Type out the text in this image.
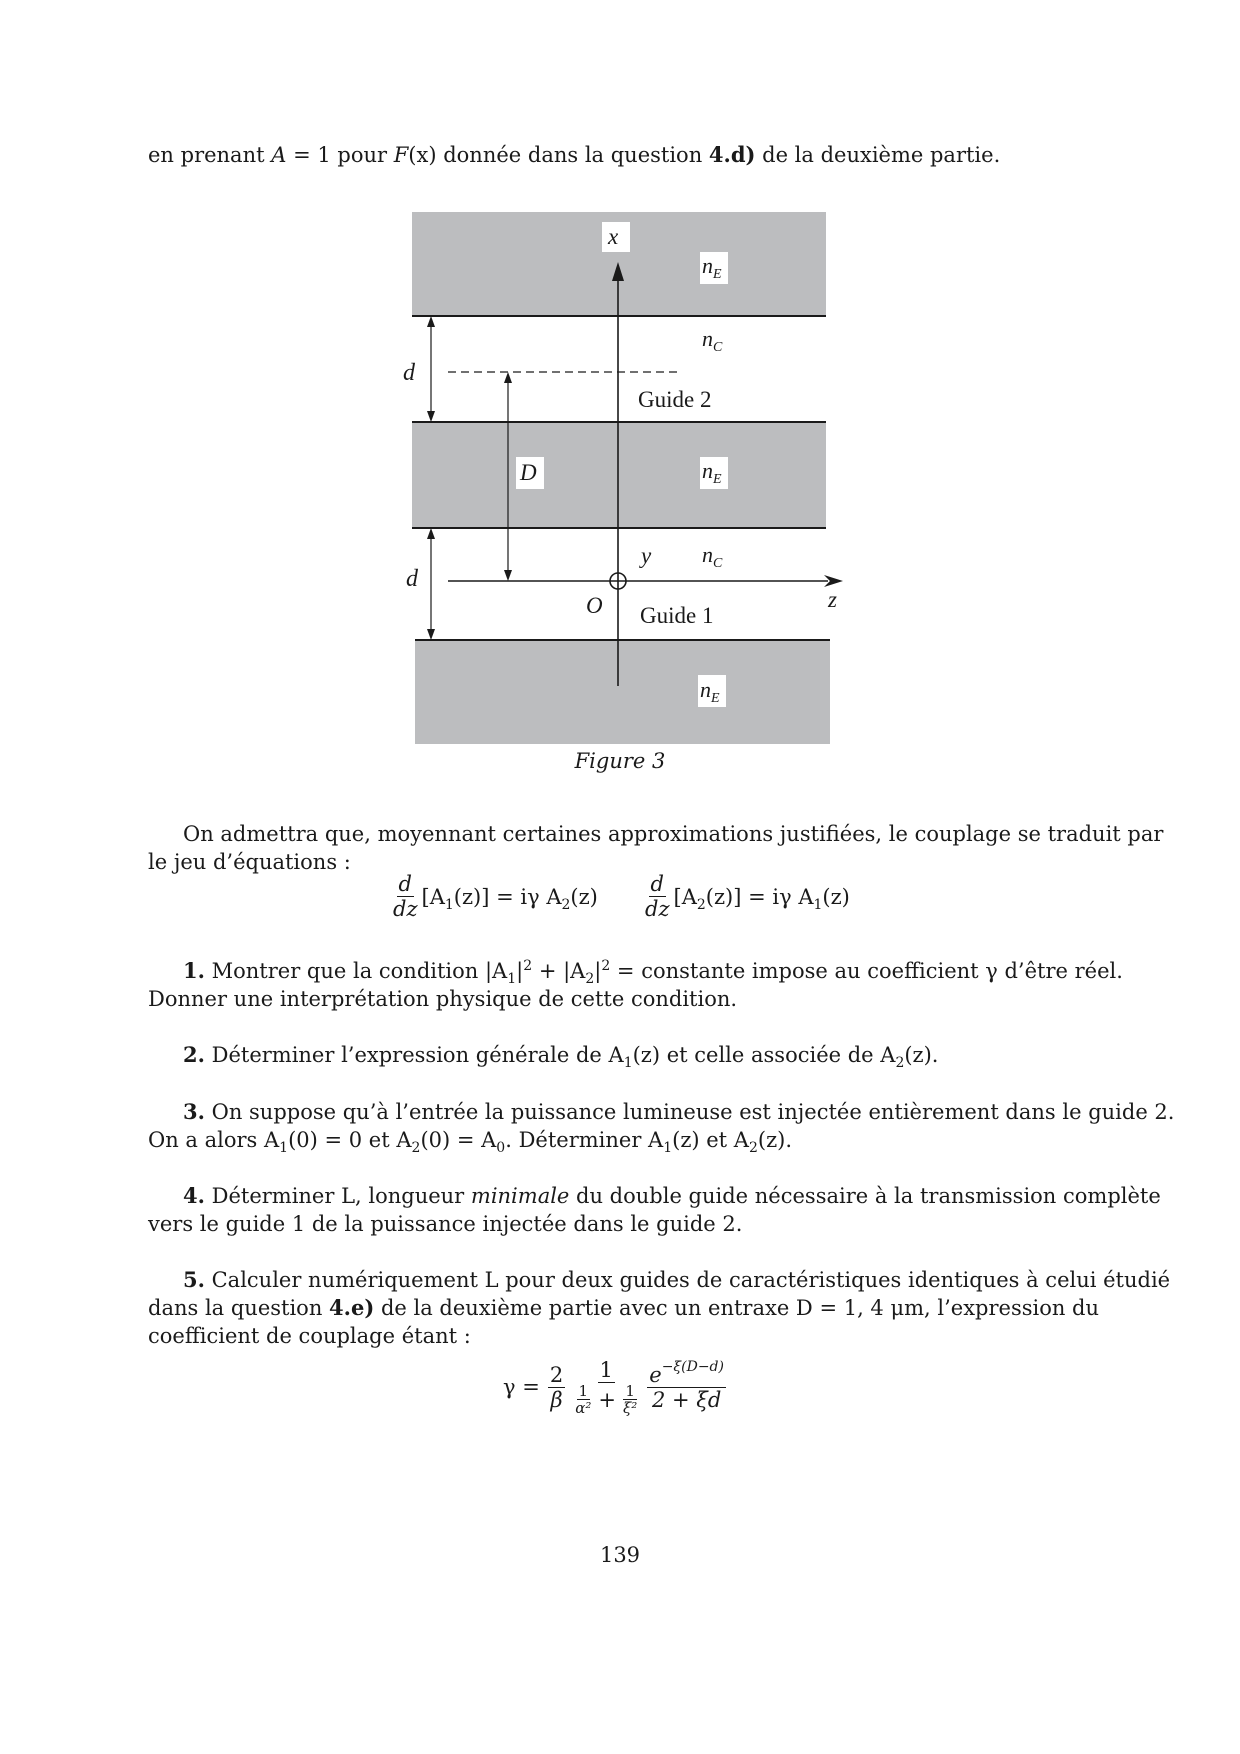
en prenant A = 1 pour F(x) donnée dans la question 4.d) de la deuxième partie.
x
$n_E$
$n_C$
d
Guide 2
D	$n_E$
y $n_C$
d
O Guide 1
z
$n_E$
Figure 3
On admettra que, moyennant certaines approximations justifiées, le couplage se traduit par
le jeu d’équations :
$\frac{d}{dz} [A_1(z)] = i\gamma$ $A_2(z) \frac{d}{dz} [A_2(z)] = i\gamma$ $A_1(z)$
1. Montrer que la condition $|A_1|^2 + |A_2|^2$ = constante impose au coefficient γ d’être réel.
Donner une interprétation physique de cette condition.
2. Déterminer l’expression générale de $A_1(z)$ et celle associée de $A_2(z)$.
3. On suppose qu’à l’entrée la puissance lumineuse est injectée entièrement dans le guide 2.
On a alors $A_1(0) = 0$ et $A_2(0) = A_0$. Déterminer $A_1(z)$ et $A_2(z)$.
4. Déterminer L, longueur minimale du double guide nécessaire à la transmission complète
vers le guide 1 de la puissance injectée dans le guide 2.
5. Calculer numériquement L pour deux guides de caractéristiques identiques à celui étudié
dans la question 4.e) de la deuxième partie avec un entraxe D = 1, 4 μm, l’expression du
coefficient de couplage étant :
$\gamma = \frac{2}{\beta} \frac{1}{\frac{1}{\text{α²}} + \frac{1}{\text{ξ²}}} \frac{e^{-\xi(D-d)}}{2 + \xi d}$
139
